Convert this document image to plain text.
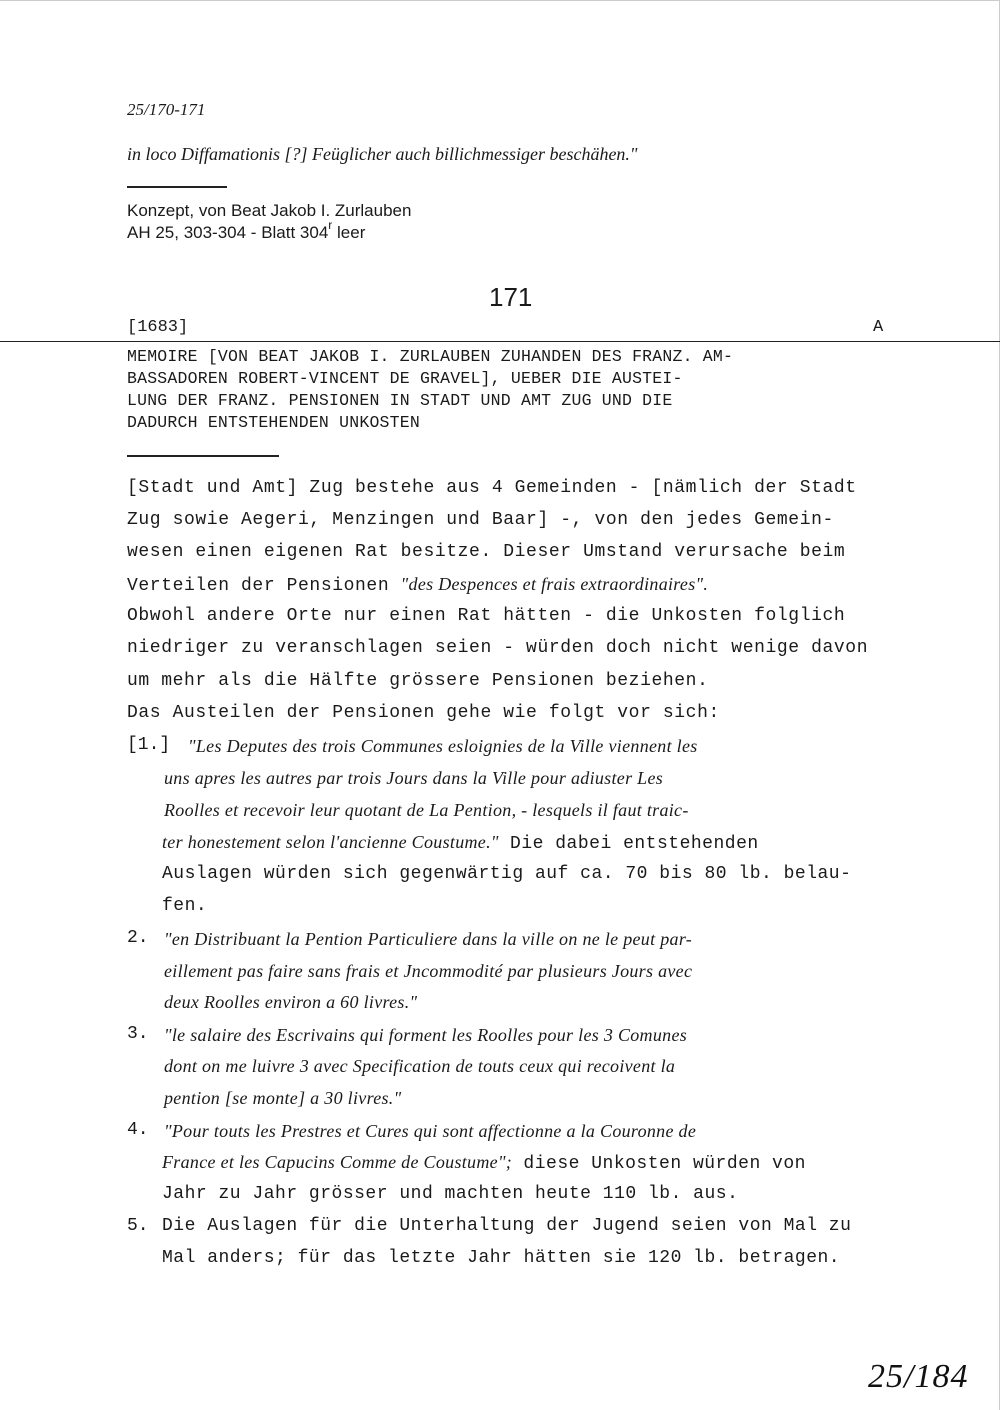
25/170-171
in loco Diffamationis [?] Feüglicher auch billichmessiger beschähen."
Konzept, von Beat Jakob I. Zurlauben
AH 25, 303-304 - Blatt 304$^r$ leer
171
[1683]	A
MEMOIRE [VON BEAT JAKOB I. ZURLAUBEN ZUHANDEN DES FRANZ. AM-
BASSADOREN ROBERT-VINCENT DE GRAVEL], UEBER DIE AUSTEI-
LUNG DER FRANZ. PENSIONEN IN STADT UND AMT ZUG UND DIE
DADURCH ENTSTEHENDEN UNKOSTEN
[Stadt und Amt] Zug bestehe aus 4 Gemeinden - [nämlich der Stadt
Zug sowie Aegeri, Menzingen und Baar] -, von den jedes Gemein-
wesen einen eigenen Rat besitze. Dieser Umstand verursache beim
Verteilen der Pensionen "des Despences et frais extraordinaires".
Obwohl andere Orte nur einen Rat hätten - die Unkosten folglich
niedriger zu veranschlagen seien - würden doch nicht wenige davon
um mehr als die Hälfte grössere Pensionen beziehen.
Das Austeilen der Pensionen gehe wie folgt vor sich:
[1.] "Les Deputes des trois Communes esloignies de la Ville viennent les
uns apres les autres par trois Jours dans la Ville pour adiuster Les
Roolles et recevoir leur quotant de La Pention, - lesquels il faut traic-
ter honestement selon l'ancienne Coustume." Die dabei entstehenden
Auslagen würden sich gegenwärtig auf ca. 70 bis 80 lb. belau-
fen.
2. "en Distribuant la Pention Particuliere dans la ville on ne le peut par-
eillement pas faire sans frais et Jncommodité par plusieurs Jours avec
deux Roolles environ a 60 livres."
3. "le salaire des Escrivains qui forment les Roolles pour les 3 Comunes
dont on me luivre 3 avec Specification de touts ceux qui recoivent la
pention [se monte] a 30 livres."
4. "Pour touts les Prestres et Cures qui sont affectionne a la Couronne de
France et les Capucins Comme de Coustume"; diese Unkosten würden von
Jahr zu Jahr grösser und machten heute 110 lb. aus.
5. Die Auslagen für die Unterhaltung der Jugend seien von Mal zu
Mal anders; für das letzte Jahr hätten sie 120 lb. betragen.
25/184
